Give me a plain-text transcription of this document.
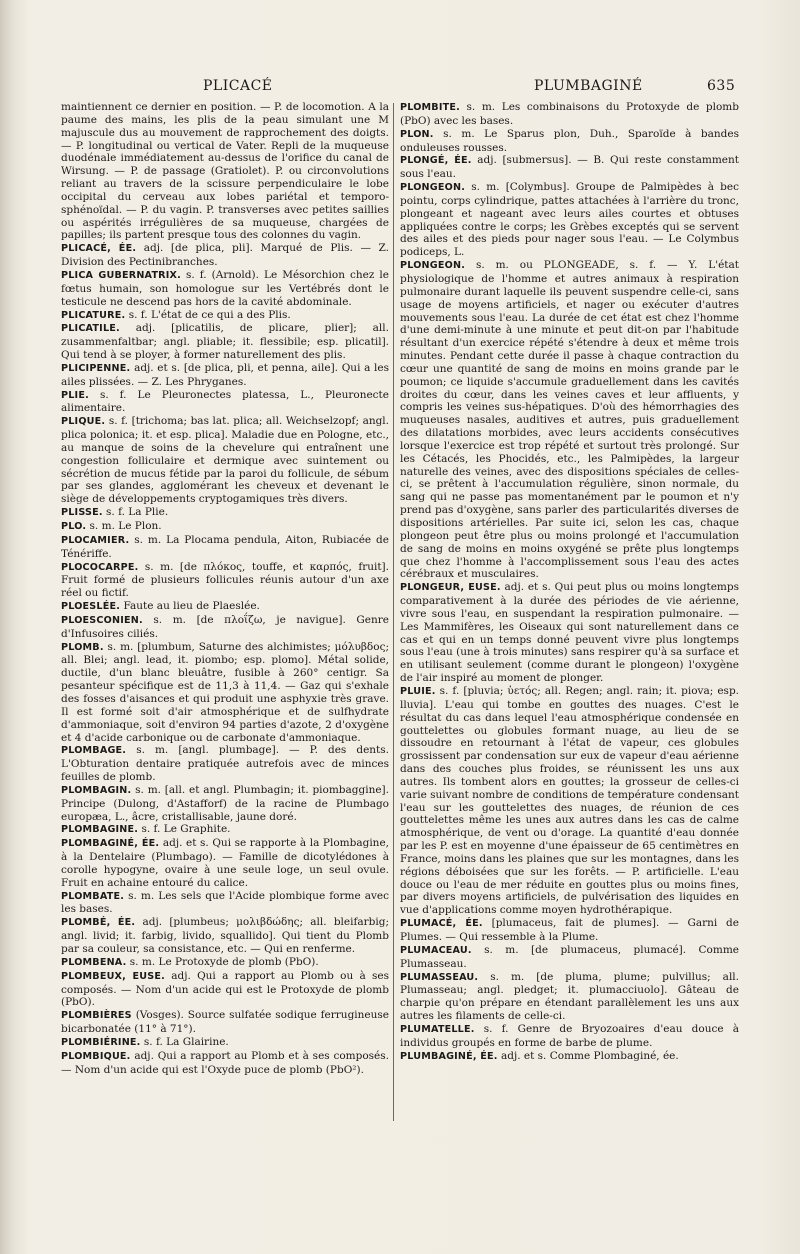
PLICACÉ	PLUMBAGINÉ	635

maintiennent ce dernier en position. — P. de locomotion. A la paume des mains, les plis de la peau simulant une M majuscule dus au mouvement de rapprochement des doigts. — P. longitudinal ou vertical de Vater. Repli de la muqueuse duodénale immédiatement au-dessus de l'orifice du canal de Wirsung. — P. de passage (Gratiolet). P. ou circonvolutions reliant au travers de la scissure perpendiculaire le lobe occipital du cerveau aux lobes pariétal et temporo-sphénoïdal. — P. du vagin. P. transverses avec petites saillies ou aspérités irrégulières de sa muqueuse, chargées de papilles; ils partent presque tous des colonnes du vagin.

PLICACÉ, ÉE. adj. [de plica, pli]. Marqué de Plis. — Z. Division des Pectinibranches.

PLICA GUBERNATRIX. s. f. (Arnold). Le Mésorchion chez le fœtus humain, son homologue sur les Vertébrés dont le testicule ne descend pas hors de la cavité abdominale.

PLICATURE. s. f. L'état de ce qui a des Plis.

PLICATILE. adj. [plicatilis, de plicare, plier]; all. zusammenfaltbar; angl. pliable; it. flessibile; esp. plicatil]. Qui tend à se ployer, à former naturellement des plis.

PLICIPENNE. adj. et s. [de plica, pli, et penna, aile]. Qui a les ailes plissées. — Z. Les Phryganes.

PLIE. s. f. Le Pleuronectes platessa, L., Pleuronecte alimentaire.

PLIQUE. s. f. [trichoma; bas lat. plica; all. Weichselzopf; angl. plica polonica; it. et esp. plica]. Maladie due en Pologne, etc., au manque de soins de la chevelure qui entraînent une congestion folliculaire et dermique avec suintement ou sécrétion de mucus fétide par la paroi du follicule, de sébum par ses glandes, agglomérant les cheveux et devenant le siège de développements cryptogamiques très divers.

PLISSE. s. f. La Plie.

PLO. s. m. Le Plon.

PLOCAMIER. s. m. La Plocama pendula, Aiton, Rubiacée de Ténériffe.

PLOCOCARPE. s. m. [de πλόκος, touffe, et καρπός, fruit]. Fruit formé de plusieurs follicules réunis autour d'un axe réel ou fictif.

PLOESLÉE. Faute au lieu de Plaeslée.

PLOESCONIEN. s. m. [de πλοΐζω, je navigue]. Genre d'Infusoires ciliés.

PLOMB. s. m. [plumbum, Saturne des alchimistes; μόλυβδος; all. Blei; angl. lead, it. piombo; esp. plomo]. Métal solide, ductile, d'un blanc bleuâtre, fusible à 260° centigr. Sa pesanteur spécifique est de 11,3 à 11,4. — Gaz qui s'exhale des fosses d'aisances et qui produit une asphyxie très grave. Il est formé soit d'air atmosphérique et de sulfhydrate d'ammoniaque, soit d'environ 94 parties d'azote, 2 d'oxygène et 4 d'acide carbonique ou de carbonate d'ammoniaque.

PLOMBAGE. s. m. [angl. plumbage]. — P. des dents. L'Obturation dentaire pratiquée autrefois avec de minces feuilles de plomb.

PLOMBAGIN. s. m. [all. et angl. Plumbagin; it. piombaggine]. Principe (Dulong, d'Astafforf) de la racine de Plumbago europæa, L., âcre, cristallisable, jaune doré.

PLOMBAGINE. s. f. Le Graphite.

PLOMBAGINÉ, ÉE. adj. et s. Qui se rapporte à la Plombagine, à la Dentelaire (Plumbago). — Famille de dicotylédones à corolle hypogyne, ovaire à une seule loge, un seul ovule. Fruit en achaine entouré du calice.

PLOMBATE. s. m. Les sels que l'Acide plombique forme avec les bases.

PLOMBÉ, ÉE. adj. [plumbeus; μολιβδώδης; all. bleifarbig; angl. livid; it. farbig, livido, squallido]. Qui tient du Plomb par sa couleur, sa consistance, etc. — Qui en renferme.

PLOMBENA. s. m. Le Protoxyde de plomb (PbO).

PLOMBEUX, EUSE. adj. Qui a rapport au Plomb ou à ses composés. — Nom d'un acide qui est le Protoxyde de plomb (PbO).

PLOMBIÈRES (Vosges). Source sulfatée sodique ferrugineuse bicarbonatée (11° à 71°).

PLOMBIÉRINE. s. f. La Glairine.

PLOMBIQUE. adj. Qui a rapport au Plomb et à ses composés. — Nom d'un acide qui est l'Oxyde puce de plomb (PbO²).

PLOMBITE. s. m. Les combinaisons du Protoxyde de plomb (PbO) avec les bases.

PLON. s. m. Le Sparus plon, Duh., Sparoïde à bandes onduleuses rousses.

PLONGÉ, ÉE. adj. [submersus]. — B. Qui reste constamment sous l'eau.

PLONGEON. s. m. [Colymbus]. Groupe de Palmipèdes à bec pointu, corps cylindrique, pattes attachées à l'arrière du tronc, plongeant et nageant avec leurs ailes courtes et obtuses appliquées contre le corps; les Grèbes exceptés qui se servent des ailes et des pieds pour nager sous l'eau. — Le Colymbus podiceps, L.

PLONGEON. s. m. ou PLONGEADE, s. f. — Y. L'état physiologique de l'homme et autres animaux à respiration pulmonaire durant laquelle ils peuvent suspendre celle-ci, sans usage de moyens artificiels, et nager ou exécuter d'autres mouvements sous l'eau. La durée de cet état est chez l'homme d'une demi-minute à une minute et peut dit-on par l'habitude résultant d'un exercice répété s'étendre à deux et même trois minutes. Pendant cette durée il passe à chaque contraction du cœur une quantité de sang de moins en moins grande par le poumon; ce liquide s'accumule graduellement dans les cavités droites du cœur, dans les veines caves et leur affluents, y compris les veines sus-hépatiques. D'où des hémorrhagies des muqueuses nasales, auditives et autres, puis graduellement des dilatations morbides, avec leurs accidents consécutives lorsque l'exercice est trop répété et surtout très prolongé. Sur les Cétacés, les Phocidés, etc., les Palmipèdes, la largeur naturelle des veines, avec des dispositions spéciales de celles-ci, se prêtent à l'accumulation régulière, sinon normale, du sang qui ne passe pas momentanément par le poumon et n'y prend pas d'oxygène, sans parler des particularités diverses de dispositions artérielles. Par suite ici, selon les cas, chaque plongeon peut être plus ou moins prolongé et l'accumulation de sang de moins en moins oxygéné se prête plus longtemps que chez l'homme à l'accomplissement sous l'eau des actes cérébraux et musculaires.

PLONGEUR, EUSE. adj. et s. Qui peut plus ou moins longtemps comparativement à la durée des périodes de vie aérienne, vivre sous l'eau, en suspendant la respiration pulmonaire. — Les Mammifères, les Oiseaux qui sont naturellement dans ce cas et qui en un temps donné peuvent vivre plus longtemps sous l'eau (une à trois minutes) sans respirer qu'à sa surface et en utilisant seulement (comme durant le plongeon) l'oxygène de l'air inspiré au moment de plonger.

PLUIE. s. f. [pluvia; ὑετός; all. Regen; angl. rain; it. piova; esp. lluvia]. L'eau qui tombe en gouttes des nuages. C'est le résultat du cas dans lequel l'eau atmosphérique condensée en gouttelettes ou globules formant nuage, au lieu de se dissoudre en retournant à l'état de vapeur, ces globules grossissent par condensation sur eux de vapeur d'eau aérienne dans des couches plus froides, se réunissent les uns aux autres. Ils tombent alors en gouttes; la grosseur de celles-ci varie suivant nombre de conditions de température condensant l'eau sur les gouttelettes des nuages, de réunion de ces gouttelettes même les unes aux autres dans les cas de calme atmosphérique, de vent ou d'orage. La quantité d'eau donnée par les P. est en moyenne d'une épaisseur de 65 centimètres en France, moins dans les plaines que sur les montagnes, dans les régions déboisées que sur les forêts. — P. artificielle. L'eau douce ou l'eau de mer réduite en gouttes plus ou moins fines, par divers moyens artificiels, de pulvérisation des liquides en vue d'applications comme moyen hydrothérapique.

PLUMACÉ, ÉE. [plumaceus, fait de plumes]. — Garni de Plumes. — Qui ressemble à la Plume.

PLUMACEAU. s. m. [de plumaceus, plumacé]. Comme Plumasseau.

PLUMASSEAU. s. m. [de pluma, plume; pulvillus; all. Plumasseau; angl. pledget; it. plumacciuolo]. Gâteau de charpie qu'on prépare en étendant parallèlement les uns aux autres les filaments de celle-ci.

PLUMATELLE. s. f. Genre de Bryozoaires d'eau douce à individus groupés en forme de barbe de plume.

PLUMBAGINÉ, ÉE. adj. et s. Comme Plombaginé, ée.
